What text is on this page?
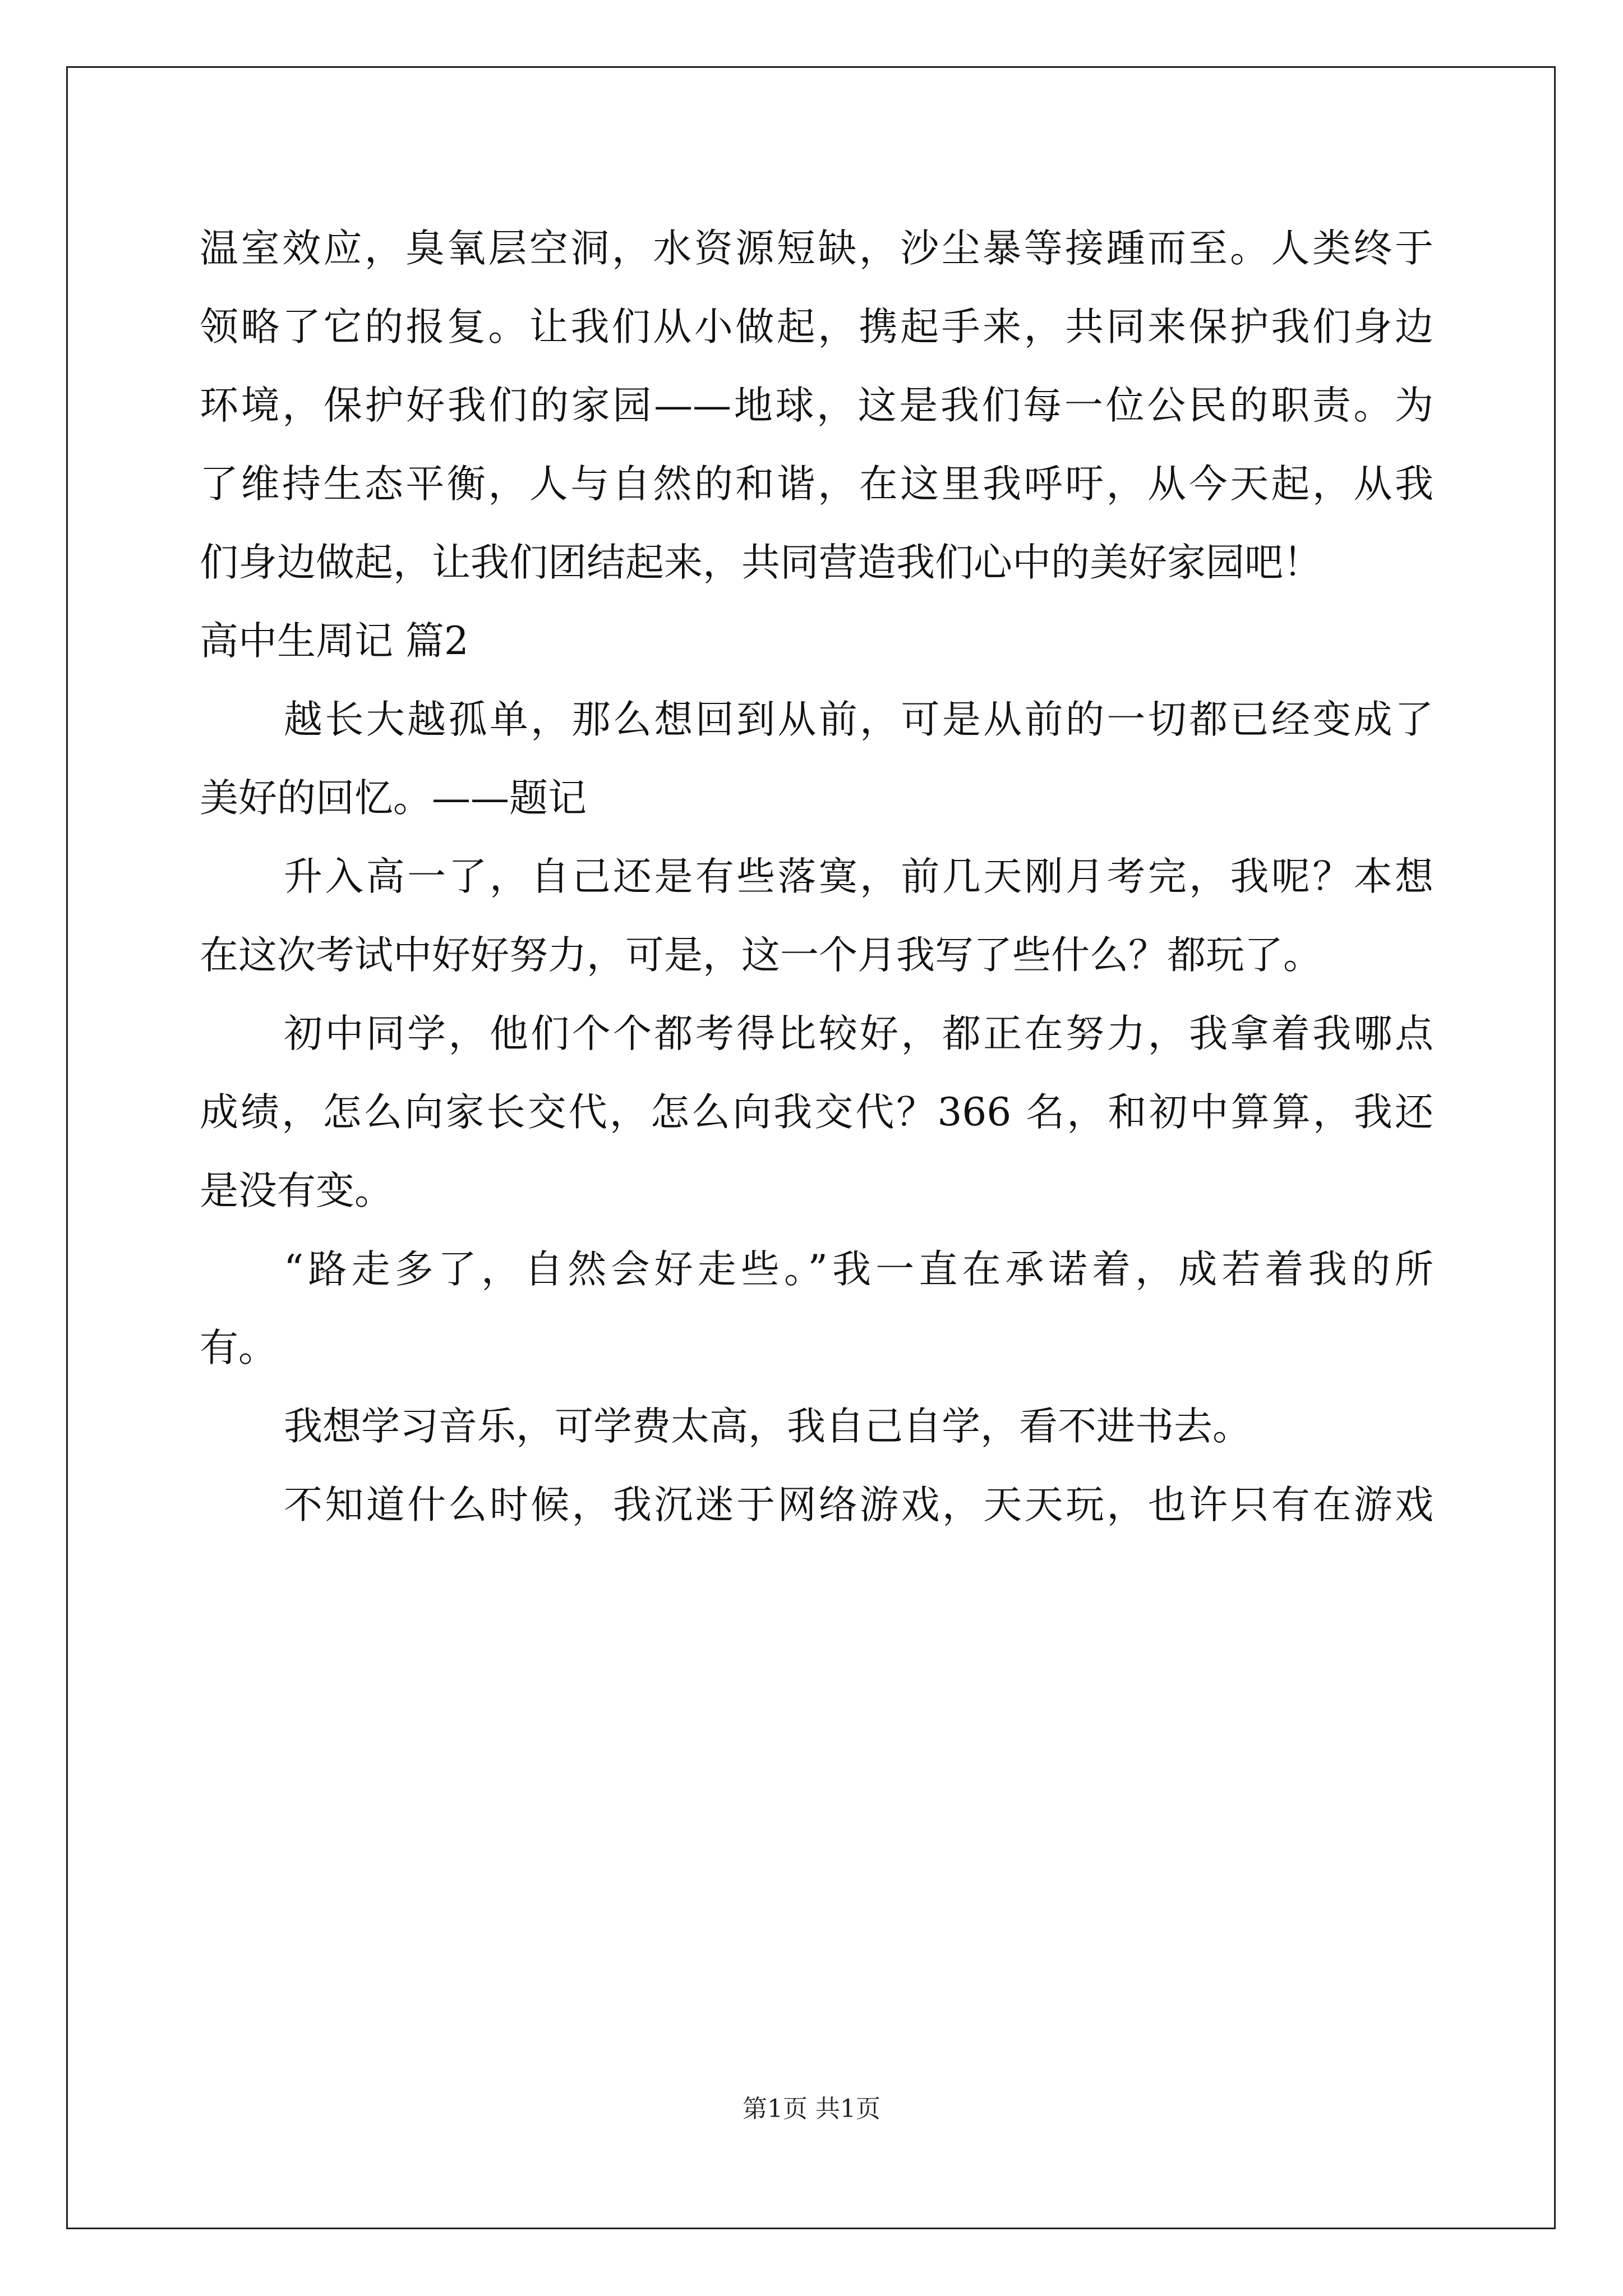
温室效应，臭氧层空洞，水资源短缺，沙尘暴等接踵而至。人类终于
领略了它的报复。让我们从小做起，携起手来，共同来保护我们身边
环境，保护好我们的家园——地球，这是我们每一位公民的职责。为
了维持生态平衡，人与自然的和谐，在这里我呼吁，从今天起，从我
们身边做起，让我们团结起来，共同营造我们心中的美好家园吧！
高中生周记 篇2
越长大越孤单，那么想回到从前，可是从前的一切都已经变成了
美好的回忆。——题记
升入高一了，自己还是有些落寞，前几天刚月考完，我呢？本想
在这次考试中好好努力，可是，这一个月我写了些什么？都玩了。
初中同学，他们个个都考得比较好，都正在努力，我拿着我哪点
成绩，怎么向家长交代，怎么向我交代？366 名，和初中算算，我还
是没有变。
“路走多了，自然会好走些。”我一直在承诺着，成若着我的所
有。
我想学习音乐，可学费太高，我自己自学，看不进书去。
不知道什么时候，我沉迷于网络游戏，天天玩，也许只有在游戏
第1页 共1页
